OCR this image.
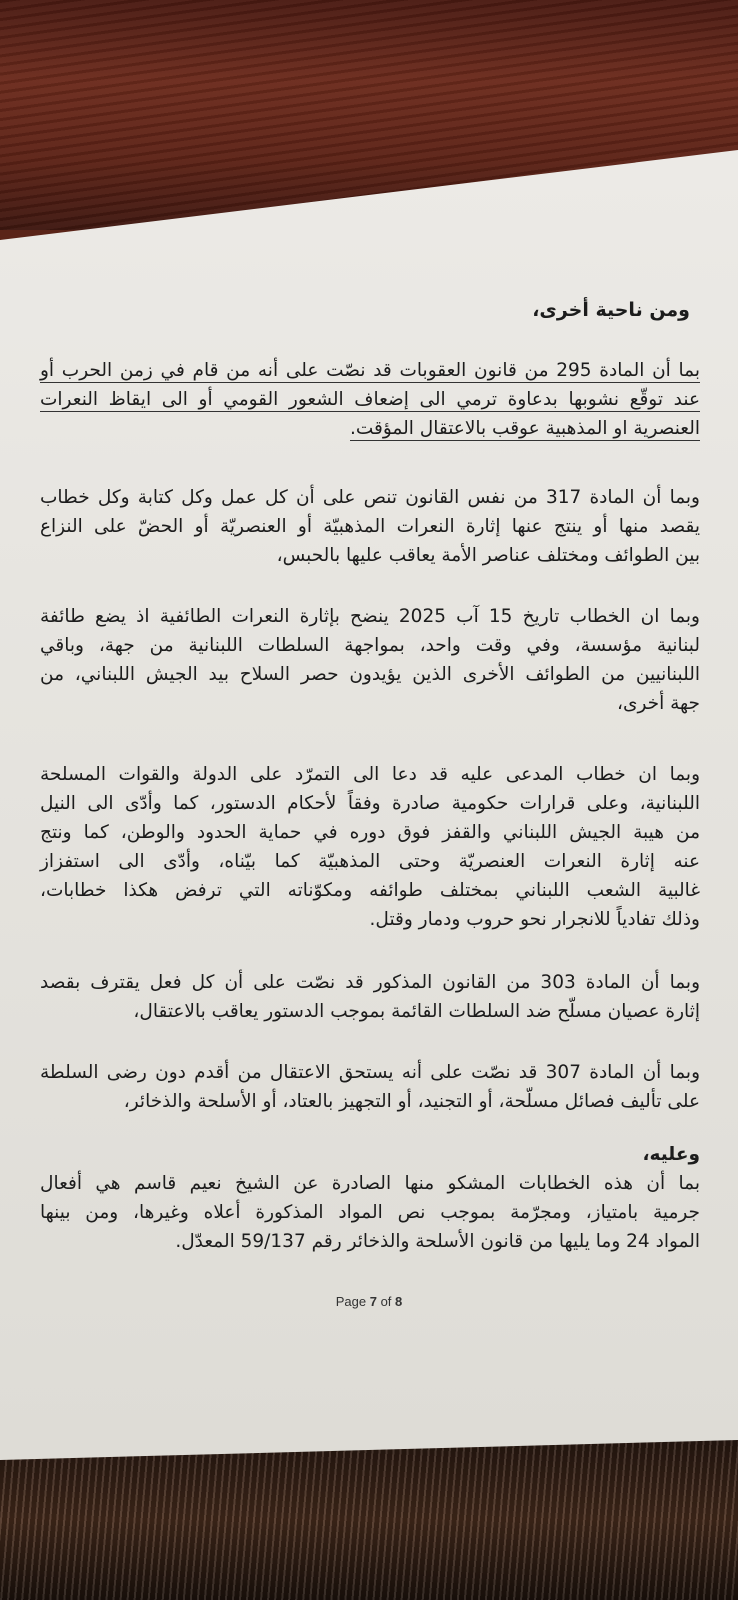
ومن ناحية أخرى،
بما أن المادة 295 من قانون العقوبات قد نصّت على أنه من قام في زمن الحرب أو
عند توقّع نشوبها بدعاوة ترمي الى إضعاف الشعور القومي أو الى ايقاظ النعرات
العنصرية او المذهبية عوقب بالاعتقال المؤقت.
وبما أن المادة 317 من نفس القانون تنص على أن كل عمل وكل كتابة وكل خطاب
يقصد منها أو ينتج عنها إثارة النعرات المذهبيّة أو العنصريّة أو الحضّ على النزاع
بين الطوائف ومختلف عناصر الأمة يعاقب عليها بالحبس،
وبما ان الخطاب تاريخ 15 آب 2025 ينضح بإثارة النعرات الطائفية اذ يضع طائفة
لبنانية مؤسسة، وفي وقت واحد، بمواجهة السلطات اللبنانية من جهة، وباقي
اللبنانيين من الطوائف الأخرى الذين يؤيدون حصر السلاح بيد الجيش اللبناني، من
جهة أخرى،
وبما ان خطاب المدعى عليه قد دعا الى التمرّد على الدولة والقوات المسلحة
اللبنانية، وعلى قرارات حكومية صادرة وفقاً لأحكام الدستور، كما وأدّى الى النيل
من هيبة الجيش اللبناني والقفز فوق دوره في حماية الحدود والوطن، كما ونتج
عنه إثارة النعرات العنصريّة وحتى المذهبيّة كما بيّناه، وأدّى الى استفزاز
غالبية الشعب اللبناني بمختلف طوائفه ومكوّناته التي ترفض هكذا خطابات،
وذلك تفادياً للانجرار نحو حروب ودمار وقتل.
وبما أن المادة 303 من القانون المذكور قد نصّت على أن كل فعل يقترف بقصد
إثارة عصيان مسلّح ضد السلطات القائمة بموجب الدستور يعاقب بالاعتقال،
وبما أن المادة 307 قد نصّت على أنه يستحق الاعتقال من أقدم دون رضى السلطة
على تأليف فصائل مسلّحة، أو التجنيد، أو التجهيز بالعتاد، أو الأسلحة والذخائر،
وعليه،
بما أن هذه الخطابات المشكو منها الصادرة عن الشيخ نعيم قاسم هي أفعال
جرمية بامتياز، ومجرّمة بموجب نص المواد المذكورة أعلاه وغيرها، ومن بينها
المواد 24 وما يليها من قانون الأسلحة والذخائر رقم 59/137 المعدّل.
Page 7 of 8
